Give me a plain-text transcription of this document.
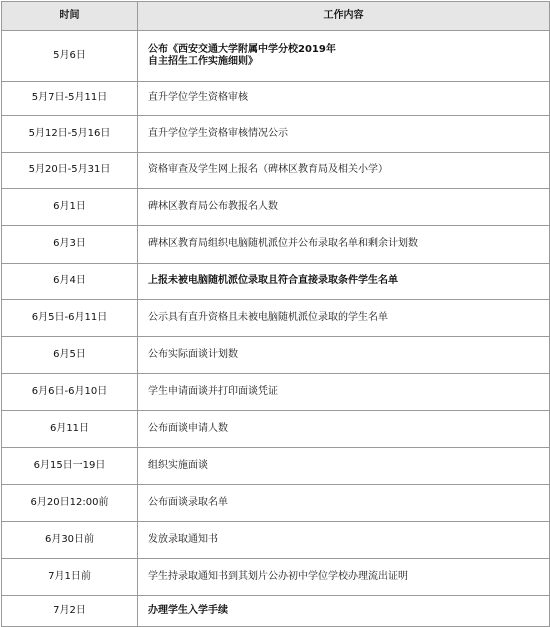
时间	工作内容
5月6日	公布《西安交通大学附属中学分校2019年
自主招生工作实施细则》
5月7日-5月11日	直升学位学生资格审核
5月12日-5月16日	直升学位学生资格审核情况公示
5月20日-5月31日	资格审查及学生网上报名（碑林区教育局及相关小学）
6月1日	碑林区教育局公布教报名人数
6月3日	碑林区教育局组织电脑随机派位并公布录取名单和剩余计划数
6月4日	上报未被电脑随机派位录取且符合直接录取条件学生名单
6月5日-6月11日	公示具有直升资格且未被电脑随机派位录取的学生名单
6月5日	公布实际面谈计划数
6月6日-6月10日	学生申请面谈并打印面谈凭证
6月11日	公布面谈申请人数
6月15日一19日	组织实施面谈
6月20日12:00前	公布面谈录取名单
6月30日前	发放录取通知书
7月1日前	学生持录取通知书到其划片公办初中学位学校办理流出证明
7月2日	办理学生入学手续
